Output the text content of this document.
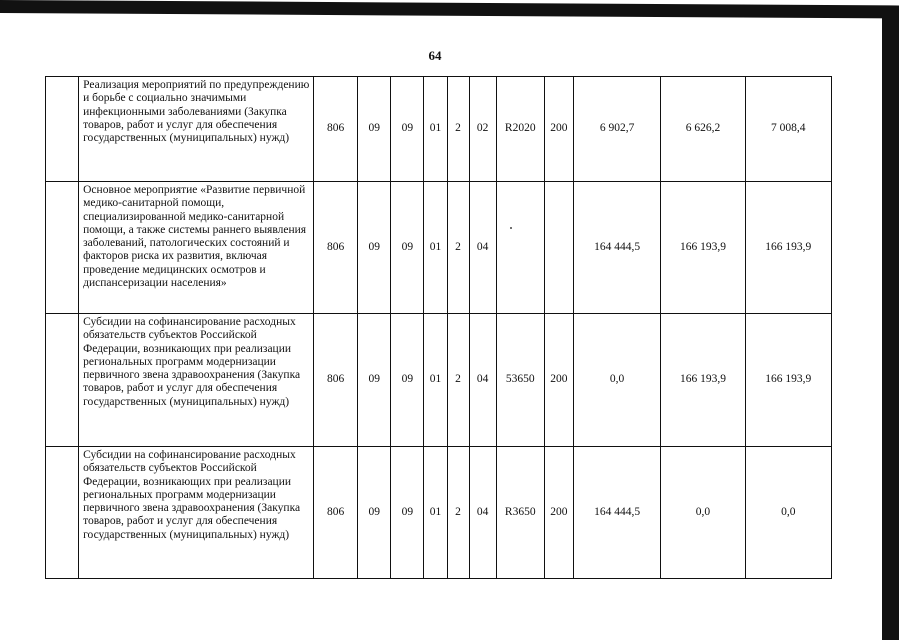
64
	Реализация мероприятий по предупреждению и борьбе с социально значимыми инфекционными заболеваниями (Закупка товаров, работ и услуг для обеспечения государственных (муниципальных) нужд)	806	09	09	01	2	02	R2020	200	6 902,7	6 626,2	7 008,4
	Основное мероприятие «Развитие первичной медико-санитарной помощи, специализированной медико-санитарной помощи, а также системы раннего выявления заболеваний, патологических состояний и факторов риска их развития, включая проведение медицинских осмотров и диспансеризации населения»	806	09	09	01	2	04			164 444,5	166 193,9	166 193,9
	Субсидии на софинансирование расходных обязательств субъектов Российской Федерации, возникающих при реализации региональных программ модернизации первичного звена здравоохранения (Закупка товаров, работ и услуг для обеспечения государственных (муниципальных) нужд)	806	09	09	01	2	04	53650	200	0,0	166 193,9	166 193,9
	Субсидии на софинансирование расходных обязательств субъектов Российской Федерации, возникающих при реализации региональных программ модернизации первичного звена здравоохранения (Закупка товаров, работ и услуг для обеспечения государственных (муниципальных) нужд)	806	09	09	01	2	04	R3650	200	164 444,5	0,0	0,0
